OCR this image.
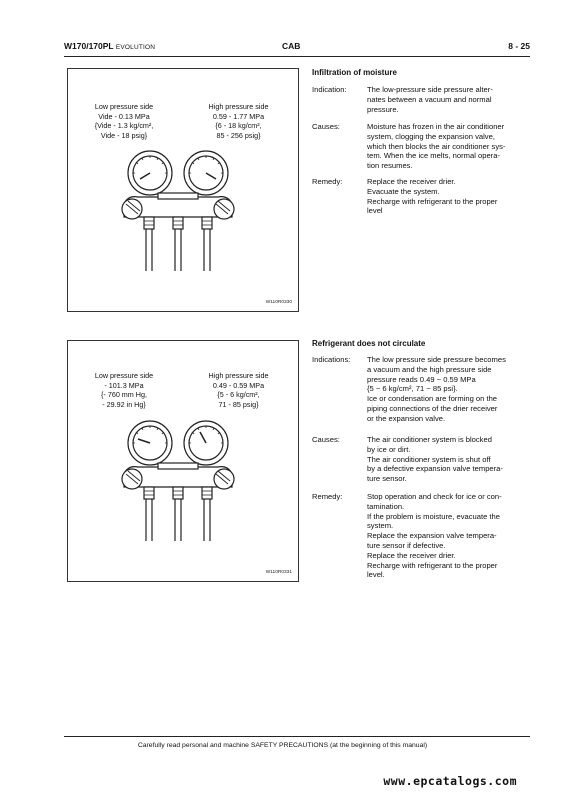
W170/170PL EVOLUTION	CAB	8 - 25
Low pressure side
Vide - 0.13 MPa
{Vide - 1.3 kg/cm²,
Vide - 18 psig}
High pressure side
0.59 - 1.77 MPa
{6 - 18 kg/cm²,
85 - 256 psig}
W110R0330
Infiltration of moisture
Indication:	The low-pressure side pressure alter-
nates between a vacuum and normal
pressure.
Causes:	Moisture has frozen in the air conditioner
system, clogging the expansion valve,
which then blocks the air conditioner sys-
tem. When the ice melts, normal opera-
tion resumes.
Remedy:	Replace the receiver drier.
Evacuate the system.
Recharge with refrigerant to the proper
level
Low pressure side
- 101.3 MPa
{- 760 mm Hg,
- 29.92 in Hg}
High pressure side
0.49 - 0.59 MPa
{5 - 6 kg/cm²,
71 - 85 psig}
W110R0331
Refrigerant does not circulate
Indications:	The low pressure side pressure becomes
a vacuum and the high pressure side
pressure reads 0.49 ~ 0.59 MPa
{5 ~ 6 kg/cm², 71 ~ 85 psi}.
Ice or condensation are forming on the
piping connections of the drier receiver
or the expansion valve.
Causes:	The air conditioner system is blocked
by ice or dirt.
The air conditioner system is shut off
by a defective expansion valve tempera-
ture sensor.
Remedy:	Stop operation and check for ice or con-
tamination.
If the problem is moisture, evacuate the
system.
Replace the expansion valve tempera-
ture sensor if defective.
Replace the receiver drier.
Recharge with refrigerant to the proper
level.
Carefully read personal and machine SAFETY PRECAUTIONS (at the beginning of this manual)
www.epcatalogs.com
